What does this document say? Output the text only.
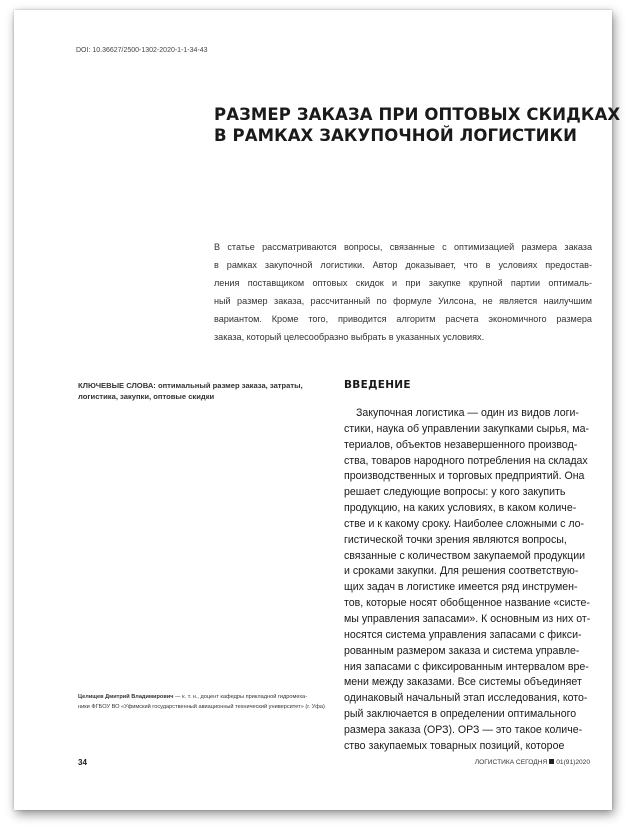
DOI: 10.36627/2500-1302-2020-1-1-34-43
РАЗМЕР ЗАКАЗА ПРИ ОПТОВЫХ СКИДКАХ
В РАМКАХ ЗАКУПОЧНОЙ ЛОГИСТИКИ
В статье рассматриваются вопросы, связанные с оптимизацией размера заказа
в рамках закупочной логистики. Автор доказывает, что в условиях предостав-
ления поставщиком оптовых скидок и при закупке крупной партии оптималь-
ный размер заказа, рассчитанный по формуле Уилсона, не является наилучшим
вариантом. Кроме того, приводится алгоритм расчета экономичного размера
заказа, который целесообразно выбрать в указанных условиях.
КЛЮЧЕВЫЕ СЛОВА: оптимальный размер заказа, затраты,
логистика, закупки, оптовые скидки
Целищев Дмитрий Владимирович — к. т. н., доцент кафедры прикладной гидромеха-
ники ФГБОУ ВО «Уфимский государственный авиационный технический университет» (г. Уфа)
ВВЕДЕНИЕ
Закупочная логистика — один из видов логи-
стики, наука об управлении закупками сырья, ма-
териалов, объектов незавершенного производ-
ства, товаров народного потребления на складах
производственных и торговых предприятий. Она
решает следующие вопросы: у кого закупить
продукцию, на каких условиях, в каком количе-
стве и к какому сроку. Наиболее сложными с ло-
гистической точки зрения являются вопросы,
связанные с количеством закупаемой продукции
и сроками закупки. Для решения соответствую-
щих задач в логистике имеется ряд инструмен-
тов, которые носят обобщенное название «систе-
мы управления запасами». К основным из них от-
носятся система управления запасами с фикси-
рованным размером заказа и система управле-
ния запасами с фиксированным интервалом вре-
мени между заказами. Все системы объединяет
одинаковый начальный этап исследования, кото-
рый заключается в определении оптимального
размера заказа (ОРЗ). ОРЗ — это такое количе-
ство закупаемых товарных позиций, которое
34	ЛОГИСТИКА СЕГОДНЯ 01(91)2020
